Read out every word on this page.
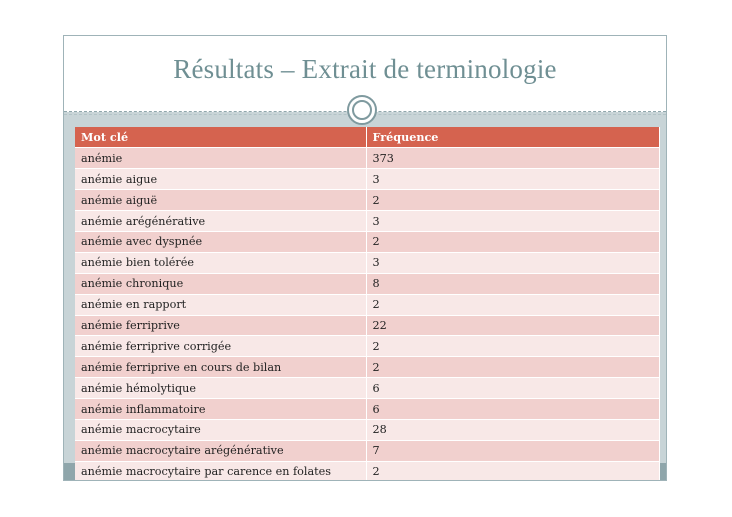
Résultats – Extrait de terminologie
Mot clé	Fréquence
anémie	373
anémie aigue	3
anémie aiguë	2
anémie arégénérative	3
anémie avec dyspnée	2
anémie bien tolérée	3
anémie chronique	8
anémie en rapport	2
anémie ferriprive	22
anémie ferriprive corrigée	2
anémie ferriprive en cours de bilan	2
anémie hémolytique	6
anémie inflammatoire	6
anémie macrocytaire	28
anémie macrocytaire arégénérative	7
anémie macrocytaire par carence en folates	2
